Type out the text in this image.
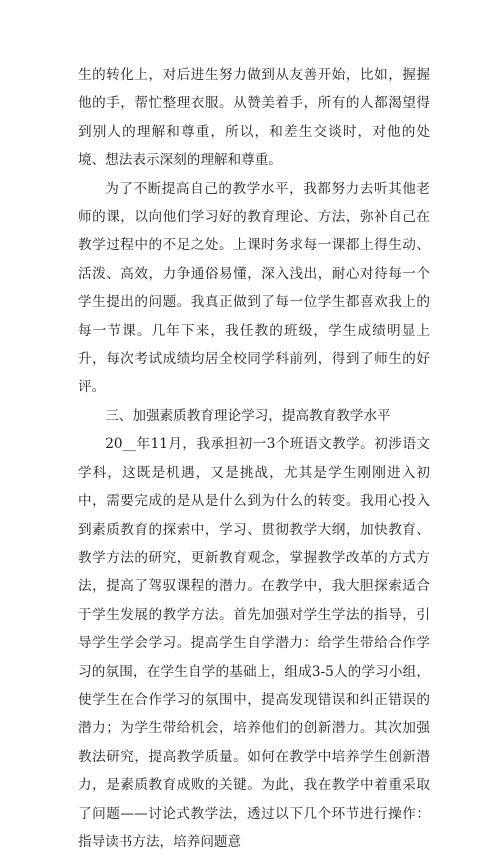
生的转化上，对后进生努力做到从友善开始，比如，握握他的手，帮忙整理衣服。从赞美着手，所有的人都渴望得到别人的理解和尊重，所以，和差生交谈时，对他的处境、想法表示深刻的理解和尊重。

为了不断提高自己的教学水平，我都努力去听其他老师的课，以向他们学习好的教育理论、方法，弥补自己在教学过程中的不足之处。上课时务求每一课都上得生动、活泼、高效，力争通俗易懂，深入浅出，耐心对待每一个学生提出的问题。我真正做到了每一位学生都喜欢我上的每一节课。几年下来，我任教的班级，学生成绩明显上升，每次考试成绩均居全校同学科前列，得到了师生的好评。

三、加强素质教育理论学习，提高教育教学水平

20__年11月，我承担初一3个班语文教学。初涉语文学科，这既是机遇，又是挑战，尤其是学生刚刚进入初中，需要完成的是从是什么到为什么的转变。我用心投入到素质教育的探索中，学习、贯彻教学大纲，加快教育、教学方法的研究，更新教育观念，掌握教学改革的方式方法，提高了驾驭课程的潜力。在教学中，我大胆探索适合于学生发展的教学方法。首先加强对学生学法的指导，引导学生学会学习。提高学生自学潜力：给学生带给合作学习的氛围，在学生自学的基础上，组成3-5人的学习小组，使学生在合作学习的氛围中，提高发现错误和纠正错误的潜力；为学生带给机会，培养他们的创新潜力。其次加强教法研究，提高教学质量。如何在教学中培养学生创新潜力，是素质教育成败的关键。为此，我在教学中着重采取了问题——讨论式教学法，透过以下几个环节进行操作：指导读书方法，培养问题意
